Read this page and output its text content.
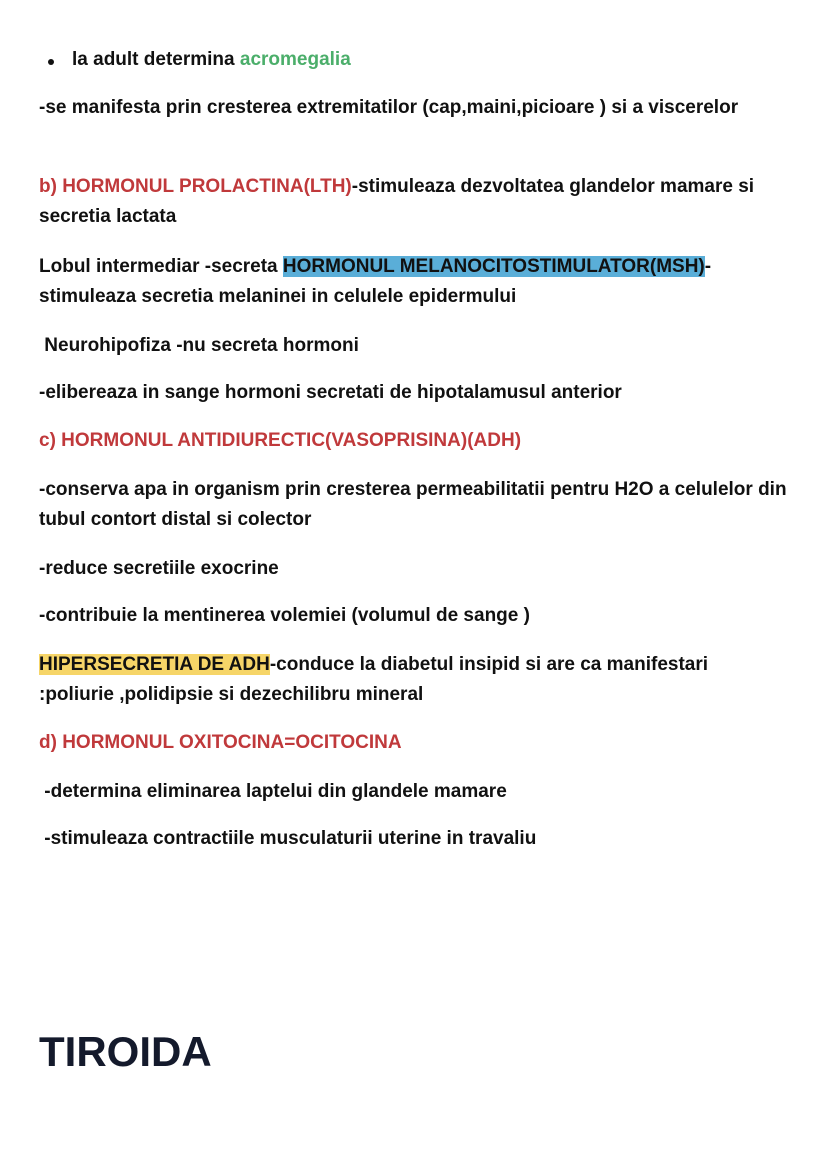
la adult determina acromegalia

-se manifesta prin cresterea extremitatilor (cap,maini,picioare ) si a viscerelor

b) HORMONUL PROLACTINA(LTH)-stimuleaza dezvoltatea glandelor mamare si secretia lactata

Lobul intermediar -secreta HORMONUL MELANOCITOSTIMULATOR(MSH)-stimuleaza secretia melaninei in celulele epidermului

Neurohipofiza -nu secreta hormoni

-elibereaza in sange hormoni secretati de hipotalamusul anterior

c) HORMONUL ANTIDIURECTIC(VASOPRISINA)(ADH)

-conserva apa in organism prin cresterea permeabilitatii pentru H2O a celulelor din tubul contort distal si colector

-reduce secretiile exocrine

-contribuie la mentinerea volemiei (volumul de sange )

HIPERSECRETIA DE ADH-conduce la diabetul insipid si are ca manifestari :poliurie ,polidipsie si dezechilibru mineral

d) HORMONUL OXITOCINA=OCITOCINA

-determina eliminarea laptelui din glandele mamare

-stimuleaza contractiile musculaturii uterine in travaliu

TIROIDA
